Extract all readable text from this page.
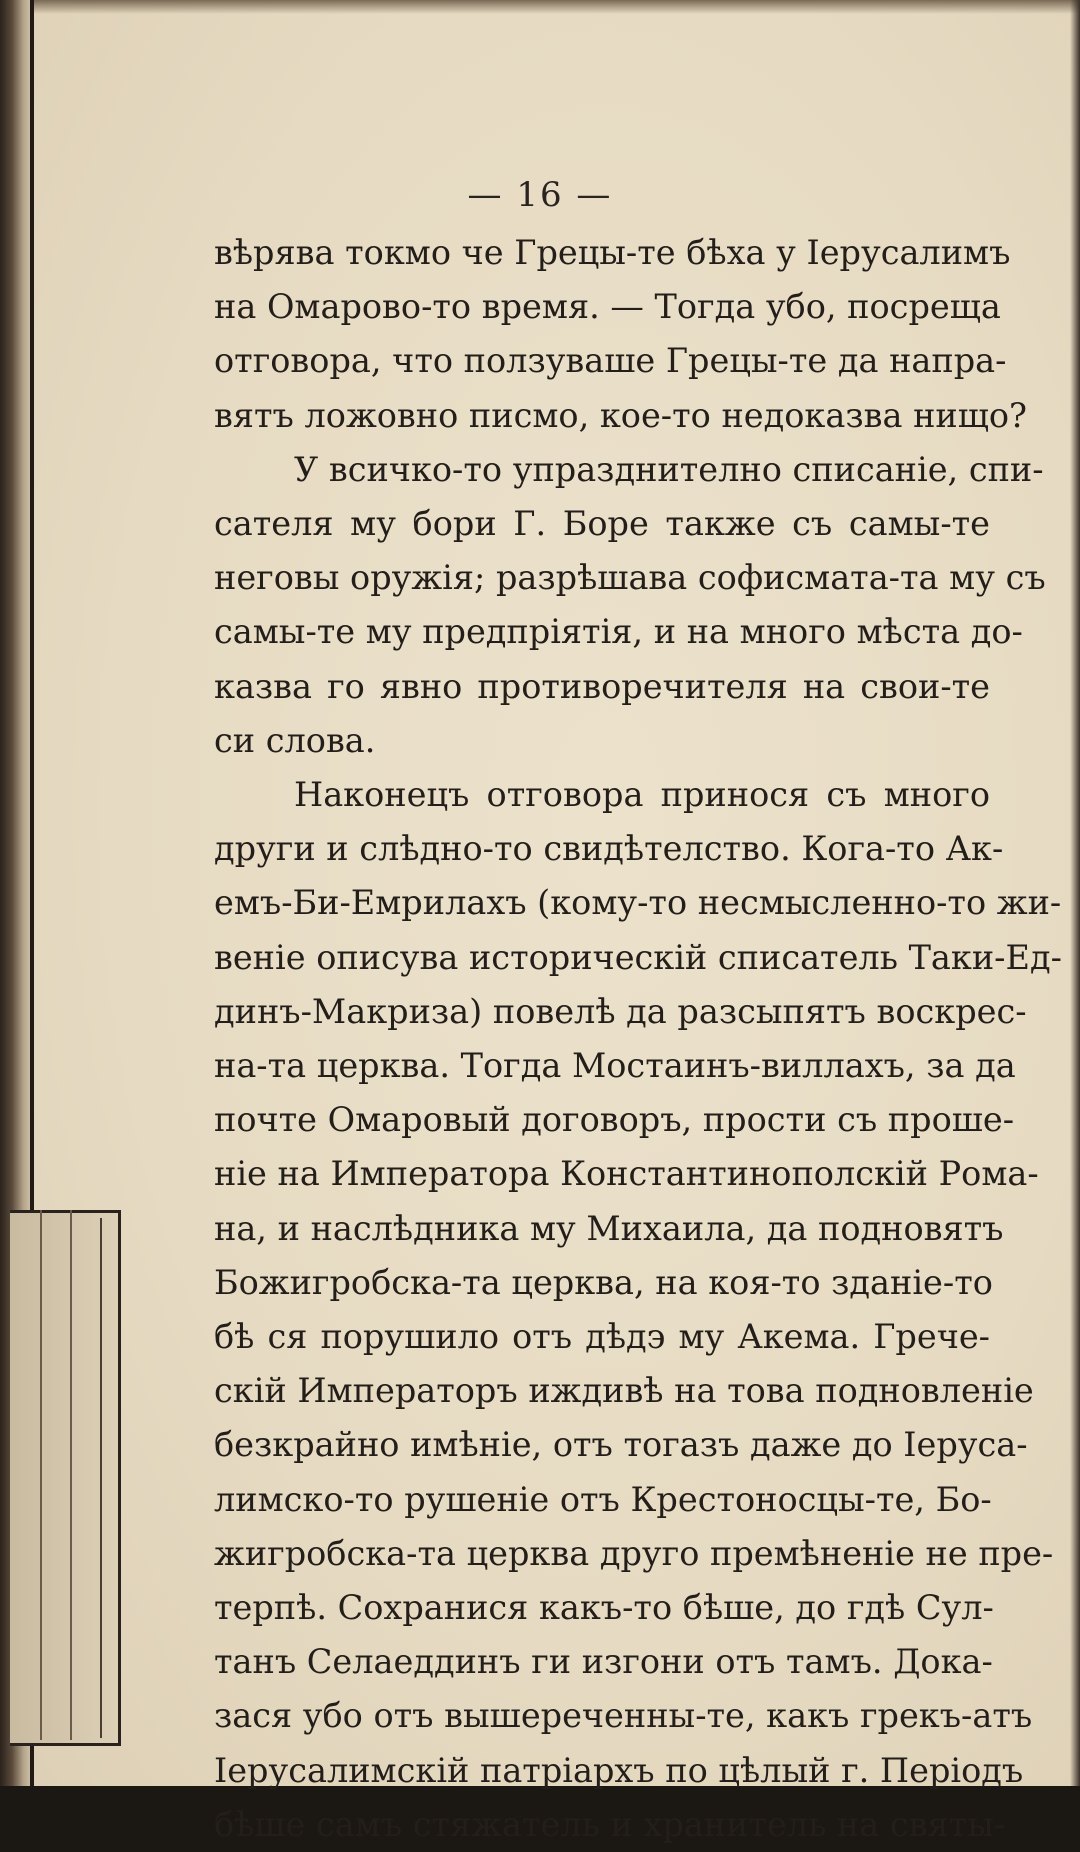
— 16 —
вѣрява токмо че Грецы-те бѣха у Iерусалимъ
на Омарово-то время. — Тогда убо, посреща
отговора, что ползуваше Грецы-те да напра-
вятъ ложовно писмо, кое-то недоказва нищо?
У всичко-то упразднително списаніе, спи-
сателя му бори Г. Боре также съ самы-те
неговы оружія; разрѣшава софисмата-та му съ
самы-те му предпріятія, и на много мѣста до-
казва го явно противоречителя на свои-те
си слова.
Наконецъ отговора принося съ много
други и слѣдно-то свидѣтелство. Кога-то Ак-
емъ-Би-Емрилахъ (кому-то несмысленно-то жи-
веніе описува историческій списатель Таки-Ед-
динъ-Макриза) повелѣ да разсыпятъ воскрес-
на-та церква. Тогда Мостаинъ-виллахъ, за да
почте Омаровый договоръ, прости съ проше-
ніе на Императора Константинополскій Рома-
на, и наслѣдника му Михаила, да подновятъ
Божигробска-та церква, на коя-то зданіе-то
бѣ ся порушило отъ дѣдэ му Акема. Грече-
скій Императоръ иждивѣ на това подновленіе
безкрайно имѣніе, отъ тогазъ даже до Iеруса-
лимско-то рушеніе отъ Крестоносцы-те, Бо-
жигробска-та церква друго премѣненіе не пре-
терпѣ. Сохранися какъ-то бѣше, до гдѣ Сул-
танъ Селаеддинъ ги изгони отъ тамъ. Дока-
зася убо отъ вышереченны-те, какъ грекъ-атъ
Iерусалимскій патріархъ по цѣлый г. Періодъ
бѣше самъ стяжатель и хранитель на святы-
